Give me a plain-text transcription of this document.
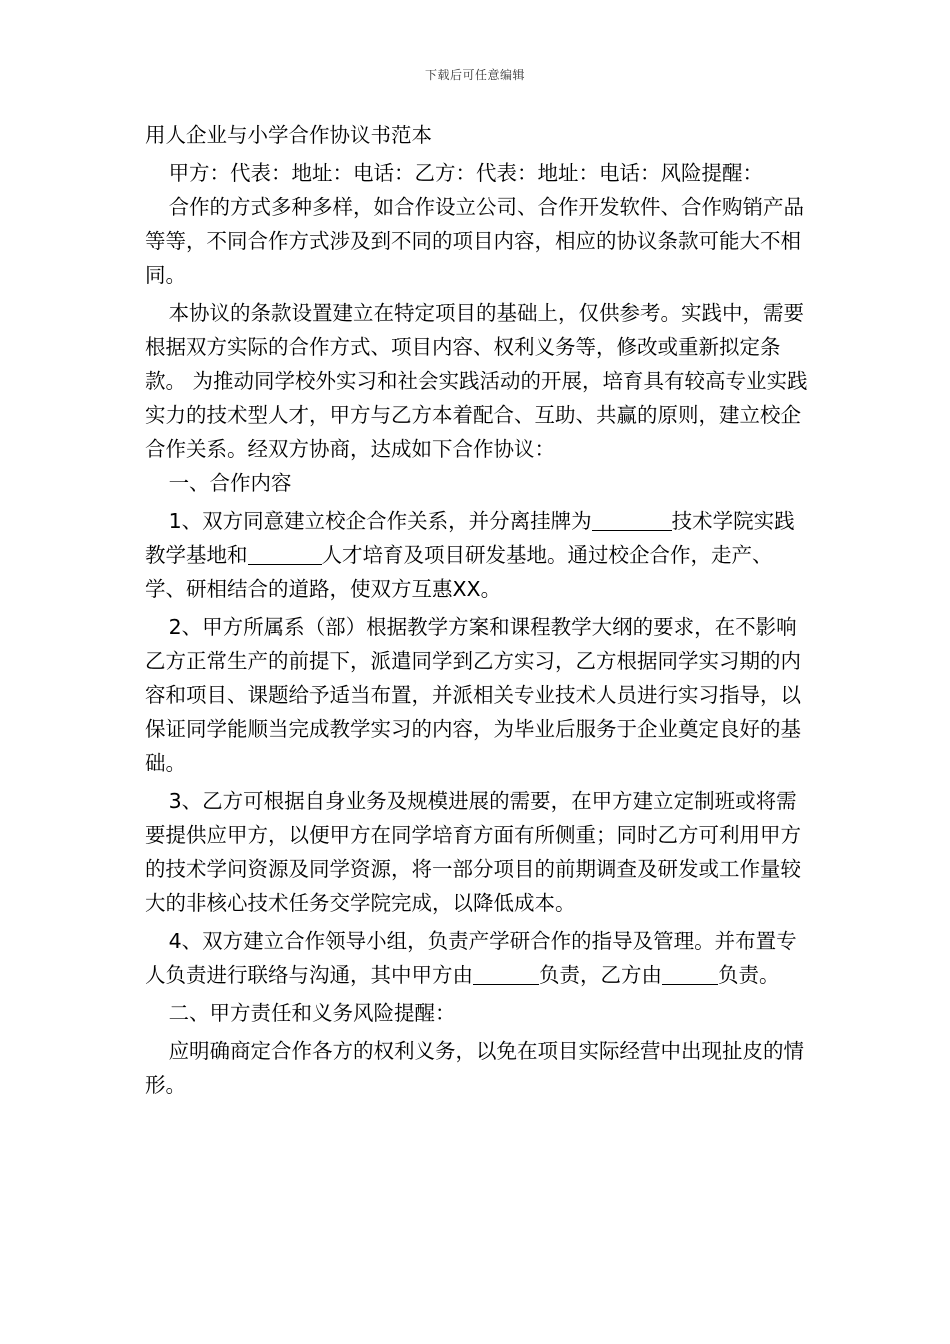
下载后可任意编辑

用人企业与小学合作协议书范本

甲方：代表：地址：电话：乙方：代表：地址：电话：风险提醒：

合作的方式多种多样，如合作设立公司、合作开发软件、合作购销产品等等，不同合作方式涉及到不同的项目内容，相应的协议条款可能大不相同。

本协议的条款设置建立在特定项目的基础上，仅供参考。实践中，需要根据双方实际的合作方式、项目内容、权利义务等，修改或重新拟定条款。 为推动同学校外实习和社会实践活动的开展，培育具有较高专业实践实力的技术型人才，甲方与乙方本着配合、互助、共赢的原则，建立校企合作关系。经双方协商，达成如下合作协议：

一、合作内容

1、双方同意建立校企合作关系，并分离挂牌为	技术学院实践教学基地和	人才培育及项目研发基地。通过校企合作，走产、学、研相结合的道路，使双方互惠XX。

2、甲方所属系（部）根据教学方案和课程教学大纲的要求，在不影响乙方正常生产的前提下，派遣同学到乙方实习，乙方根据同学实习期的内容和项目、课题给予适当布置，并派相关专业技术人员进行实习指导，以保证同学能顺当完成教学实习的内容，为毕业后服务于企业奠定良好的基础。

3、乙方可根据自身业务及规模进展的需要，在甲方建立定制班或将需要提供应甲方，以便甲方在同学培育方面有所侧重；同时乙方可利用甲方的技术学问资源及同学资源，将一部分项目的前期调查及研发或工作量较大的非核心技术任务交学院完成，以降低成本。

4、双方建立合作领导小组，负责产学研合作的指导及管理。并布置专人负责进行联络与沟通，其中甲方由	负责，乙方由	负责。

二、甲方责任和义务风险提醒：

应明确商定合作各方的权利义务，以免在项目实际经营中出现扯皮的情形。
